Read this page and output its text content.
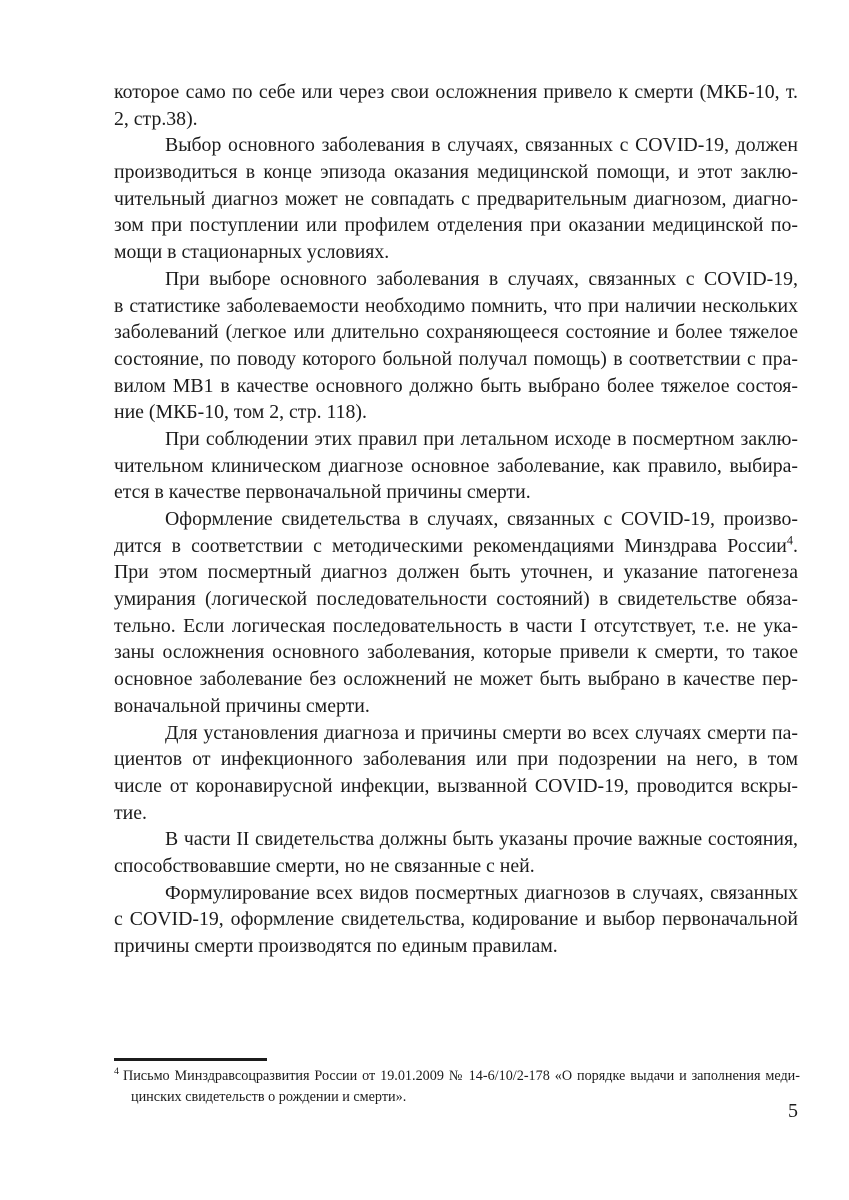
которое само по себе или через свои осложнения привело к смерти (МКБ-10, т.
2, стр.38).
Выбор основного заболевания в случаях, связанных с COVID-19, должен
производиться в конце эпизода оказания медицинской помощи, и этот заклю-
чительный диагноз может не совпадать с предварительным диагнозом, диагно-
зом при поступлении или профилем отделения при оказании медицинской по-
мощи в стационарных условиях.
При выборе основного заболевания в случаях, связанных с COVID-19,
в статистике заболеваемости необходимо помнить, что при наличии нескольких
заболеваний (легкое или длительно сохраняющееся состояние и более тяжелое
состояние, по поводу которого больной получал помощь) в соответствии с пра-
вилом МВ1 в качестве основного должно быть выбрано более тяжелое состоя-
ние (МКБ-10, том 2, стр. 118).
При соблюдении этих правил при летальном исходе в посмертном заклю-
чительном клиническом диагнозе основное заболевание, как правило, выбира-
ется в качестве первоначальной причины смерти.
Оформление свидетельства в случаях, связанных с COVID-19, произво-
дится в соответствии с методическими рекомендациями Минздрава России$^4$.
При этом посмертный диагноз должен быть уточнен, и указание патогенеза
умирания (логической последовательности состояний) в свидетельстве обяза-
тельно. Если логическая последовательность в части I отсутствует, т.е. не ука-
заны осложнения основного заболевания, которые привели к смерти, то такое
основное заболевание без осложнений не может быть выбрано в качестве пер-
воначальной причины смерти.
Для установления диагноза и причины смерти во всех случаях смерти па-
циентов от инфекционного заболевания или при подозрении на него, в том
числе от коронавирусной инфекции, вызванной COVID-19, проводится вскры-
тие.
В части II свидетельства должны быть указаны прочие важные состояния,
способствовавшие смерти, но не связанные с ней.
Формулирование всех видов посмертных диагнозов в случаях, связанных
с COVID-19, оформление свидетельства, кодирование и выбор первоначальной
причины смерти производятся по единым правилам.
$^4$ Письмо Минздравсоцразвития России от 19.01.2009 № 14-6/10/2-178 «О порядке выдачи и заполнения меди-
цинских свидетельств о рождении и смерти».
5
